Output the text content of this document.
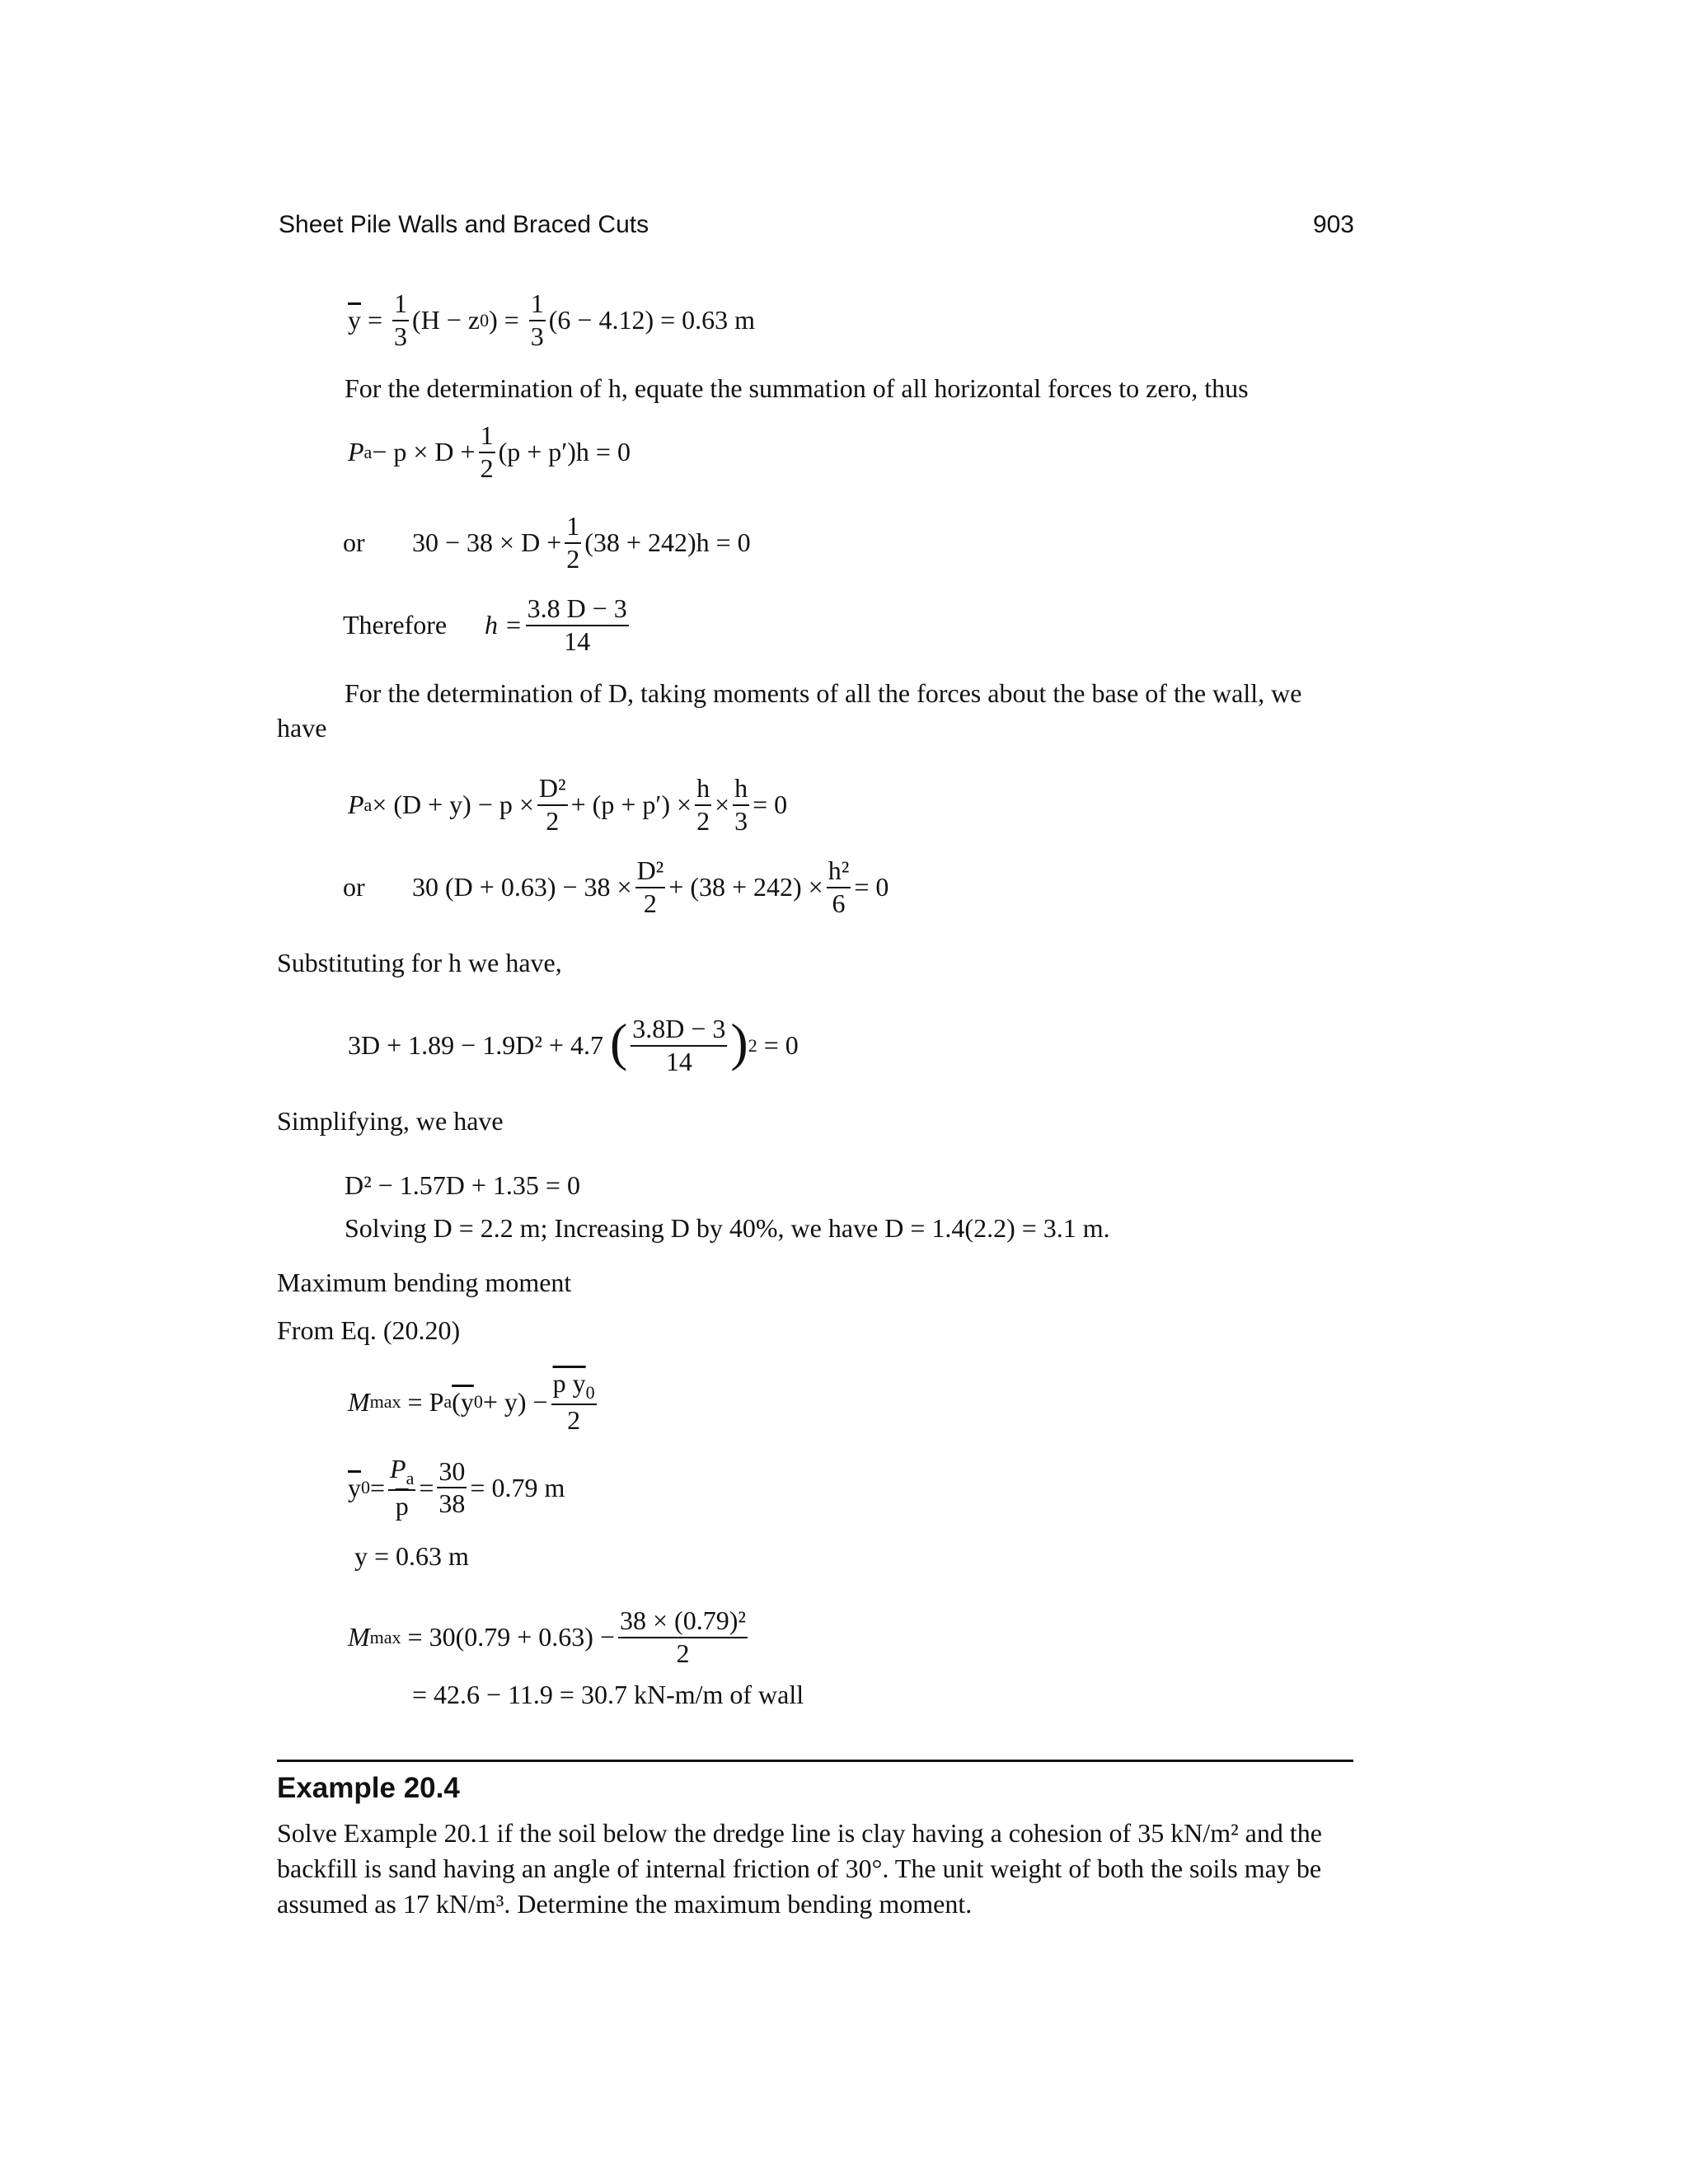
Sheet Pile Walls and Braced Cuts	903
$\overline{y} = \frac{1}{3} (H - z$ 0 ) =
$\frac{1}{3} (6 - 4.12) = 0.63$ m
For the determination of h, equate the summation of all horizontal forces to zero, thus
P $a - p \times D + \frac{1}{2} (p + p')h = 0$
or	$30 - 38 \times D + \frac{1}{2} (38 + 242)h = 0$
Therefore	$h = \frac{3.8 D - 3}{14}$
For the determination of D, taking moments of all the forces about the base of the wall, we have
P $a \times (D + y) - p \times \frac{\text{D²}}{2} + (p + p') \times \frac{h}{2} \times \frac{h}{3} = 0$
or	30 $(D + 0.63) - 38 \times \frac{\text{D²}}{2} + (38 + 242) \times \frac{\text{h²}}{6} = 0$
Substituting for h we have,
3D + 1.89 − 1.9D² + 4.7
( $\frac{3.8D - 3}{14}$ ) 2
= 0
Simplifying, we have
D² − 1.57D + 1.35 = 0
Solving D = 2.2 m; Increasing D by 40%, we have D = 1.4(2.2) = 3.1 m.
Maximum bending moment
From Eq. (20.20)
M max
= P a (y $0 + y) - \frac{p y_0}{2}$
$\overline{y}$ $0 = \frac{P_a}{p} = \frac{30}{38} = 0.79$ m
y = 0.63 m
M max
= $30(0.79 + 0.63) - \frac{\text{38 × (0.79)²}}{2}$
= 42.6 − 11.9 = 30.7 kN-m/m of wall
Example 20.4
Solve Example 20.1 if the soil below the dredge line is clay having a cohesion of 35 kN/m² and the backfill is sand having an angle of internal friction of 30°. The unit weight of both the soils may be assumed as 17 kN/m³. Determine the maximum bending moment.
